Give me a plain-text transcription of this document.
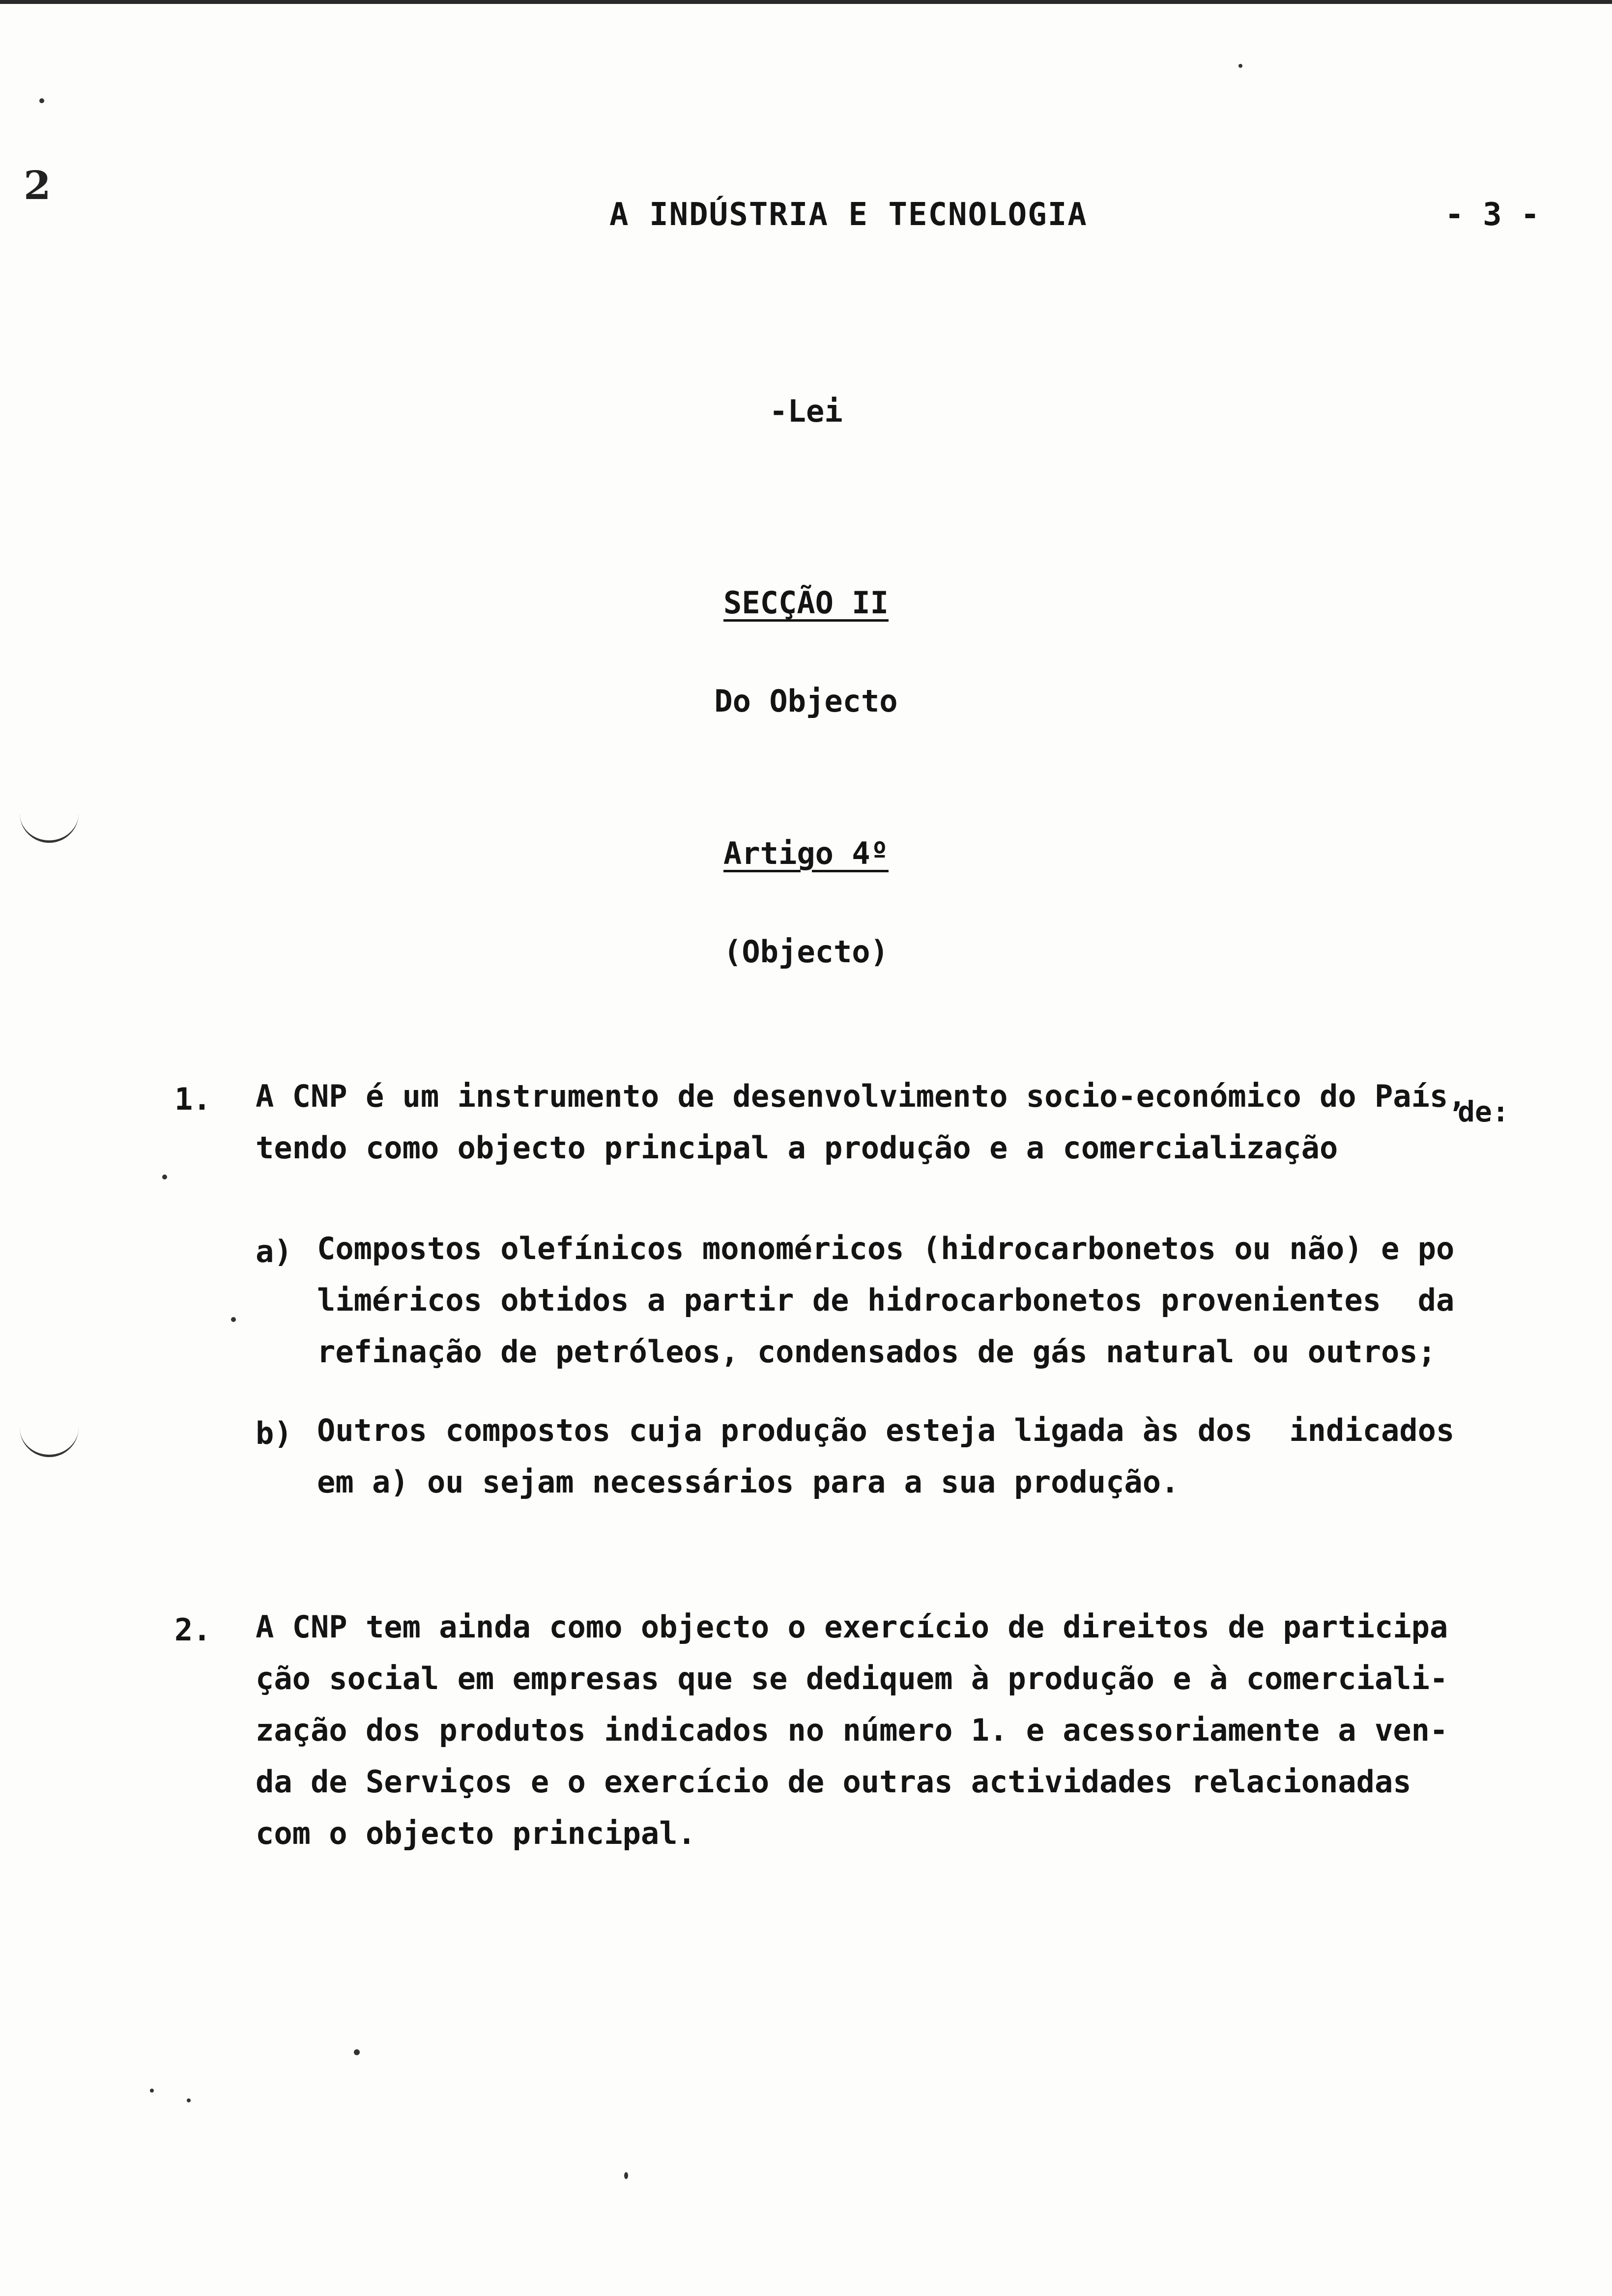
2
A INDÚSTRIA E TECNOLOGIA	- 3 -
-Lei
SECÇÃO II
Do Objecto
Artigo 4º
(Objecto)
1. A CNP é um instrumento de desenvolvimento socio-económico do País,
tendo como objecto principal a produção e a comercialização
de:
a) Compostos olefínicos monoméricos (hidrocarbonetos ou não) e po
liméricos obtidos a partir de hidrocarbonetos provenientes  da
refinação de petróleos, condensados de gás natural ou outros;
b) Outros compostos cuja produção esteja ligada às dos  indicados
em a) ou sejam necessários para a sua produção.
2. A CNP tem ainda como objecto o exercício de direitos de participa
ção social em empresas que se dediquem à produção e à comerciali-
zação dos produtos indicados no número 1. e acessoriamente a ven-
da de Serviços e o exercício de outras actividades relacionadas
com o objecto principal.
